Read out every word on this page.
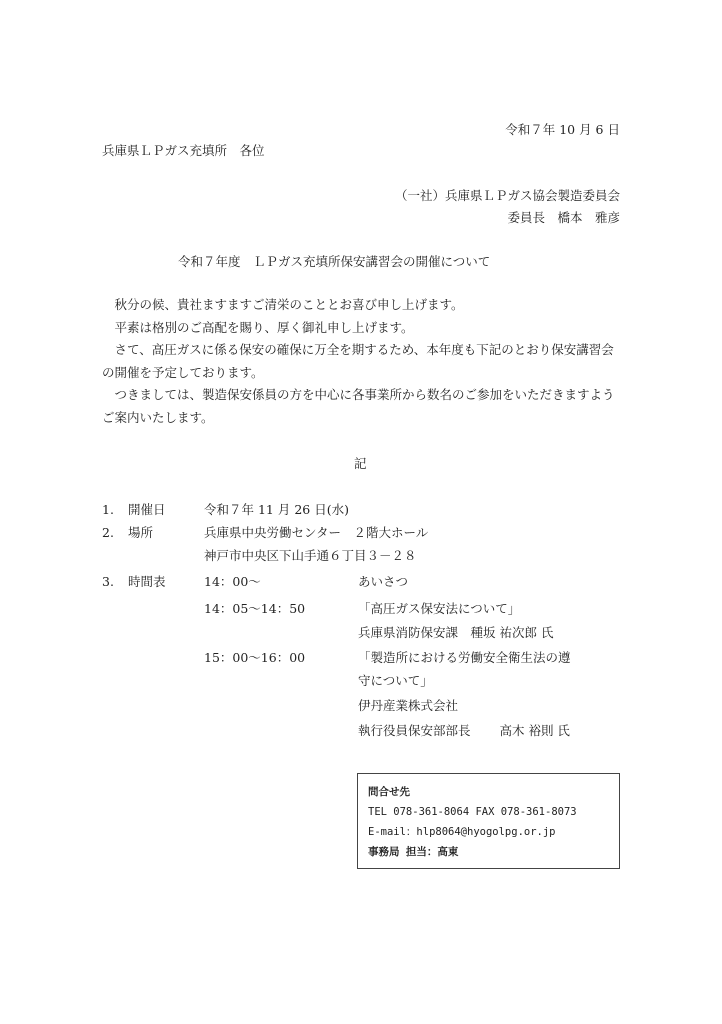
令和７年 10 月 6 日
兵庫県ＬＰガス充填所　各位
（一社）兵庫県ＬＰガス協会製造委員会
委員長　橋本　雅彦
令和７年度　ＬＰガス充填所保安講習会の開催について

秋分の候、貴社ますますご清栄のこととお喜び申し上げます。

平素は格別のご高配を賜り、厚く御礼申し上げます。

さて、高圧ガスに係る保安の確保に万全を期するため、本年度も下記のとおり保安講習会の開催を予定しております。

つきましては、製造保安係員の方を中心に各事業所から数名のご参加をいただきますようご案内いたします。

記
1. 開催日	令和７年 11 月 26 日(水)
2. 場所	兵庫県中央労働センター　２階大ホール
神戸市中央区下山手通６丁目３－２８
3. 時間表	14：00～	あいさつ
14：05～14：50	「高圧ガス保安法について」
兵庫県消防保安課　種坂 祐次郎 氏
15：00～16：00	「製造所における労働安全衛生法の遵
守について」
伊丹産業株式会社
執行役員保安部部長　　 高木 裕則 氏
問合せ先
TEL 078-361-8064 FAX 078-361-8073
E-mail：hlp8064@hyogolpg.or.jp
事務局 担当：高東
